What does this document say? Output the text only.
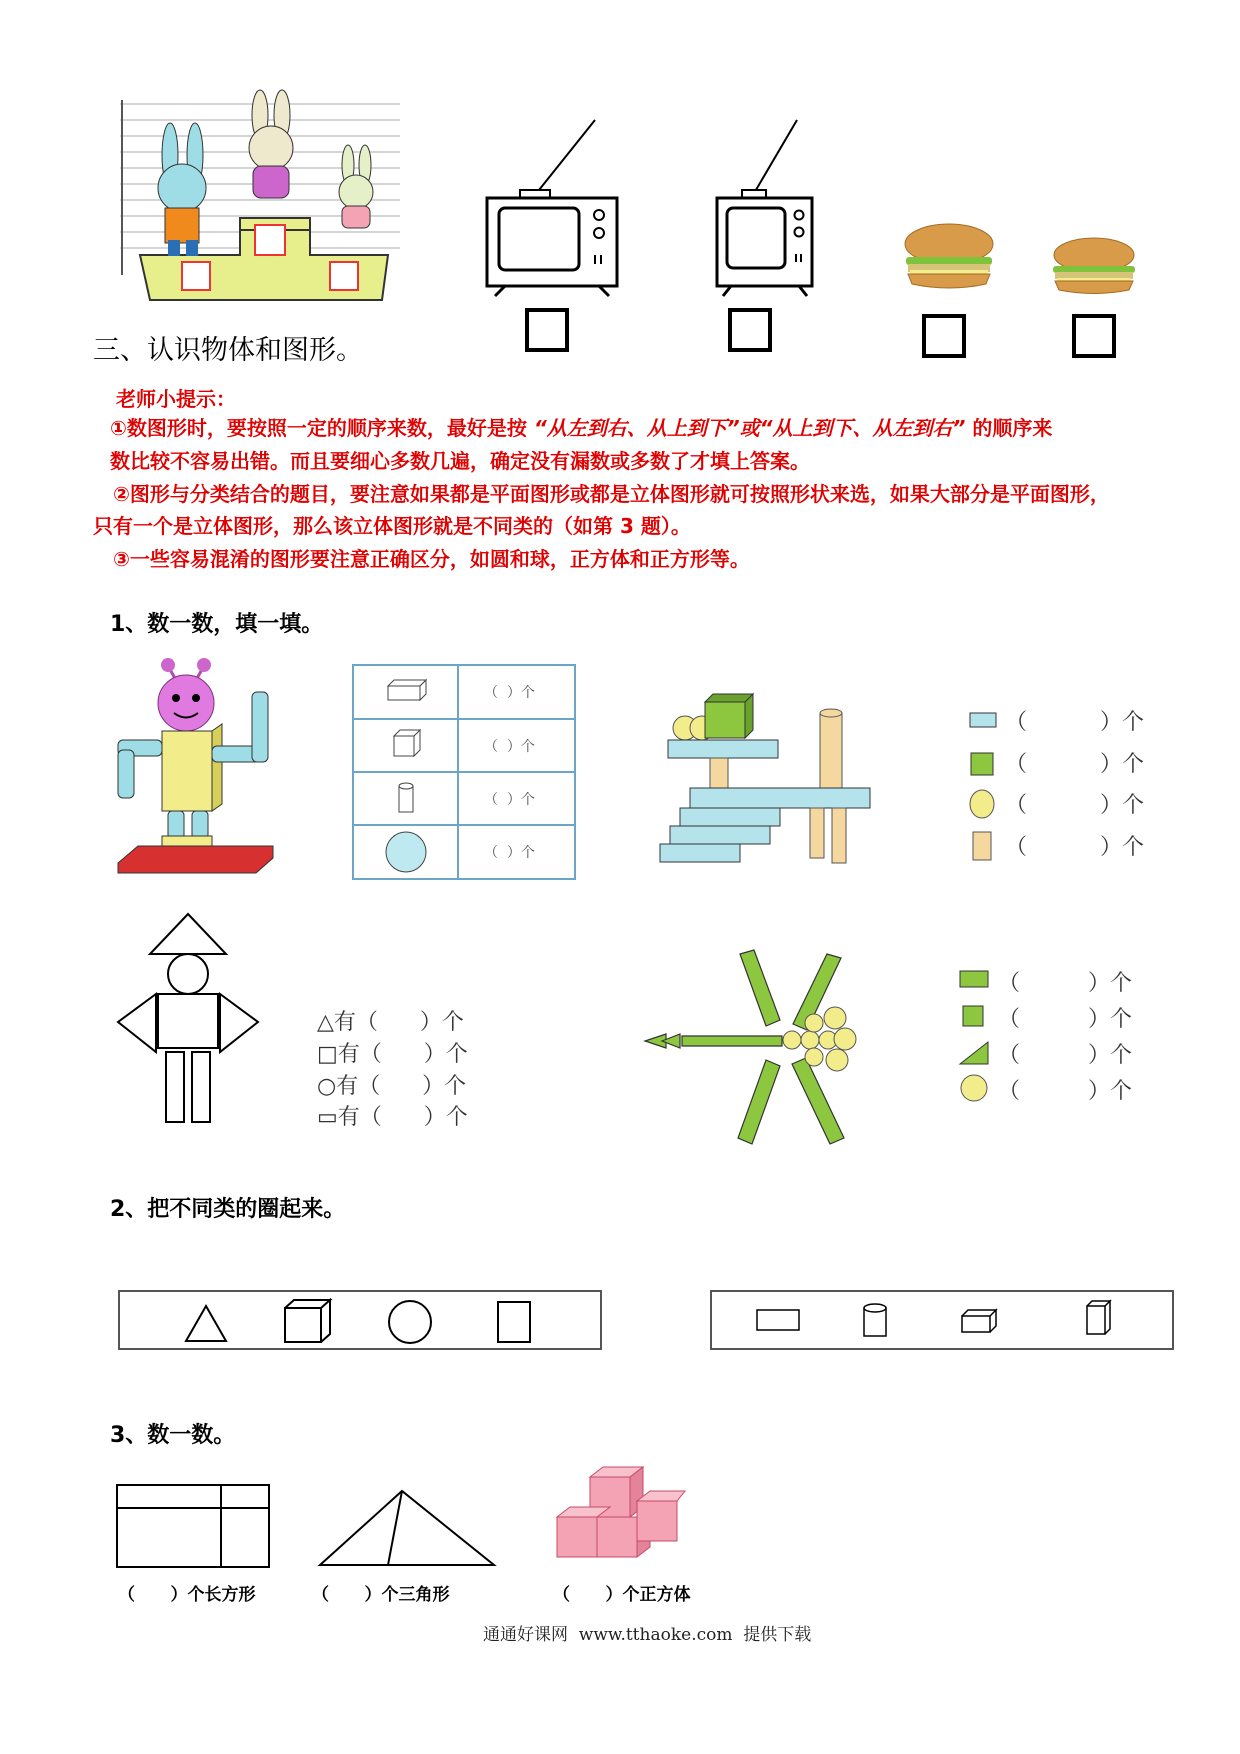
三、认识物体和图形。
老师小提示：
①数图形时，要按照一定的顺序来数，最好是按 “从左到右、从上到下”或“从上到下、从左到右” 的顺序来
数比较不容易出错。而且要细心多数几遍，确定没有漏数或多数了才填上答案。
②图形与分类结合的题目，要注意如果都是平面图形或都是立体图形就可按照形状来选，如果大部分是平面图形，
只有一个是立体图形，那么该立体图形就是不同类的（如第 3 题）。
③一些容易混淆的图形要注意正确区分，如圆和球，正方体和正方形等。
1、数一数，填一填。
（  ）个
（  ）个
（  ）个
（  ）个
（	）个
（	）个
（	）个
（	）个
△有（      ）个
□有（      ）个
○有（      ）个
▭有（      ）个
（	）个
（	）个
（	）个
（	）个
2、把不同类的圈起来。
3、数一数。
（      ）个长方形	（      ）个三角形	（      ）个正方体
通通好课网  www.tthaoke.com  提供下载
